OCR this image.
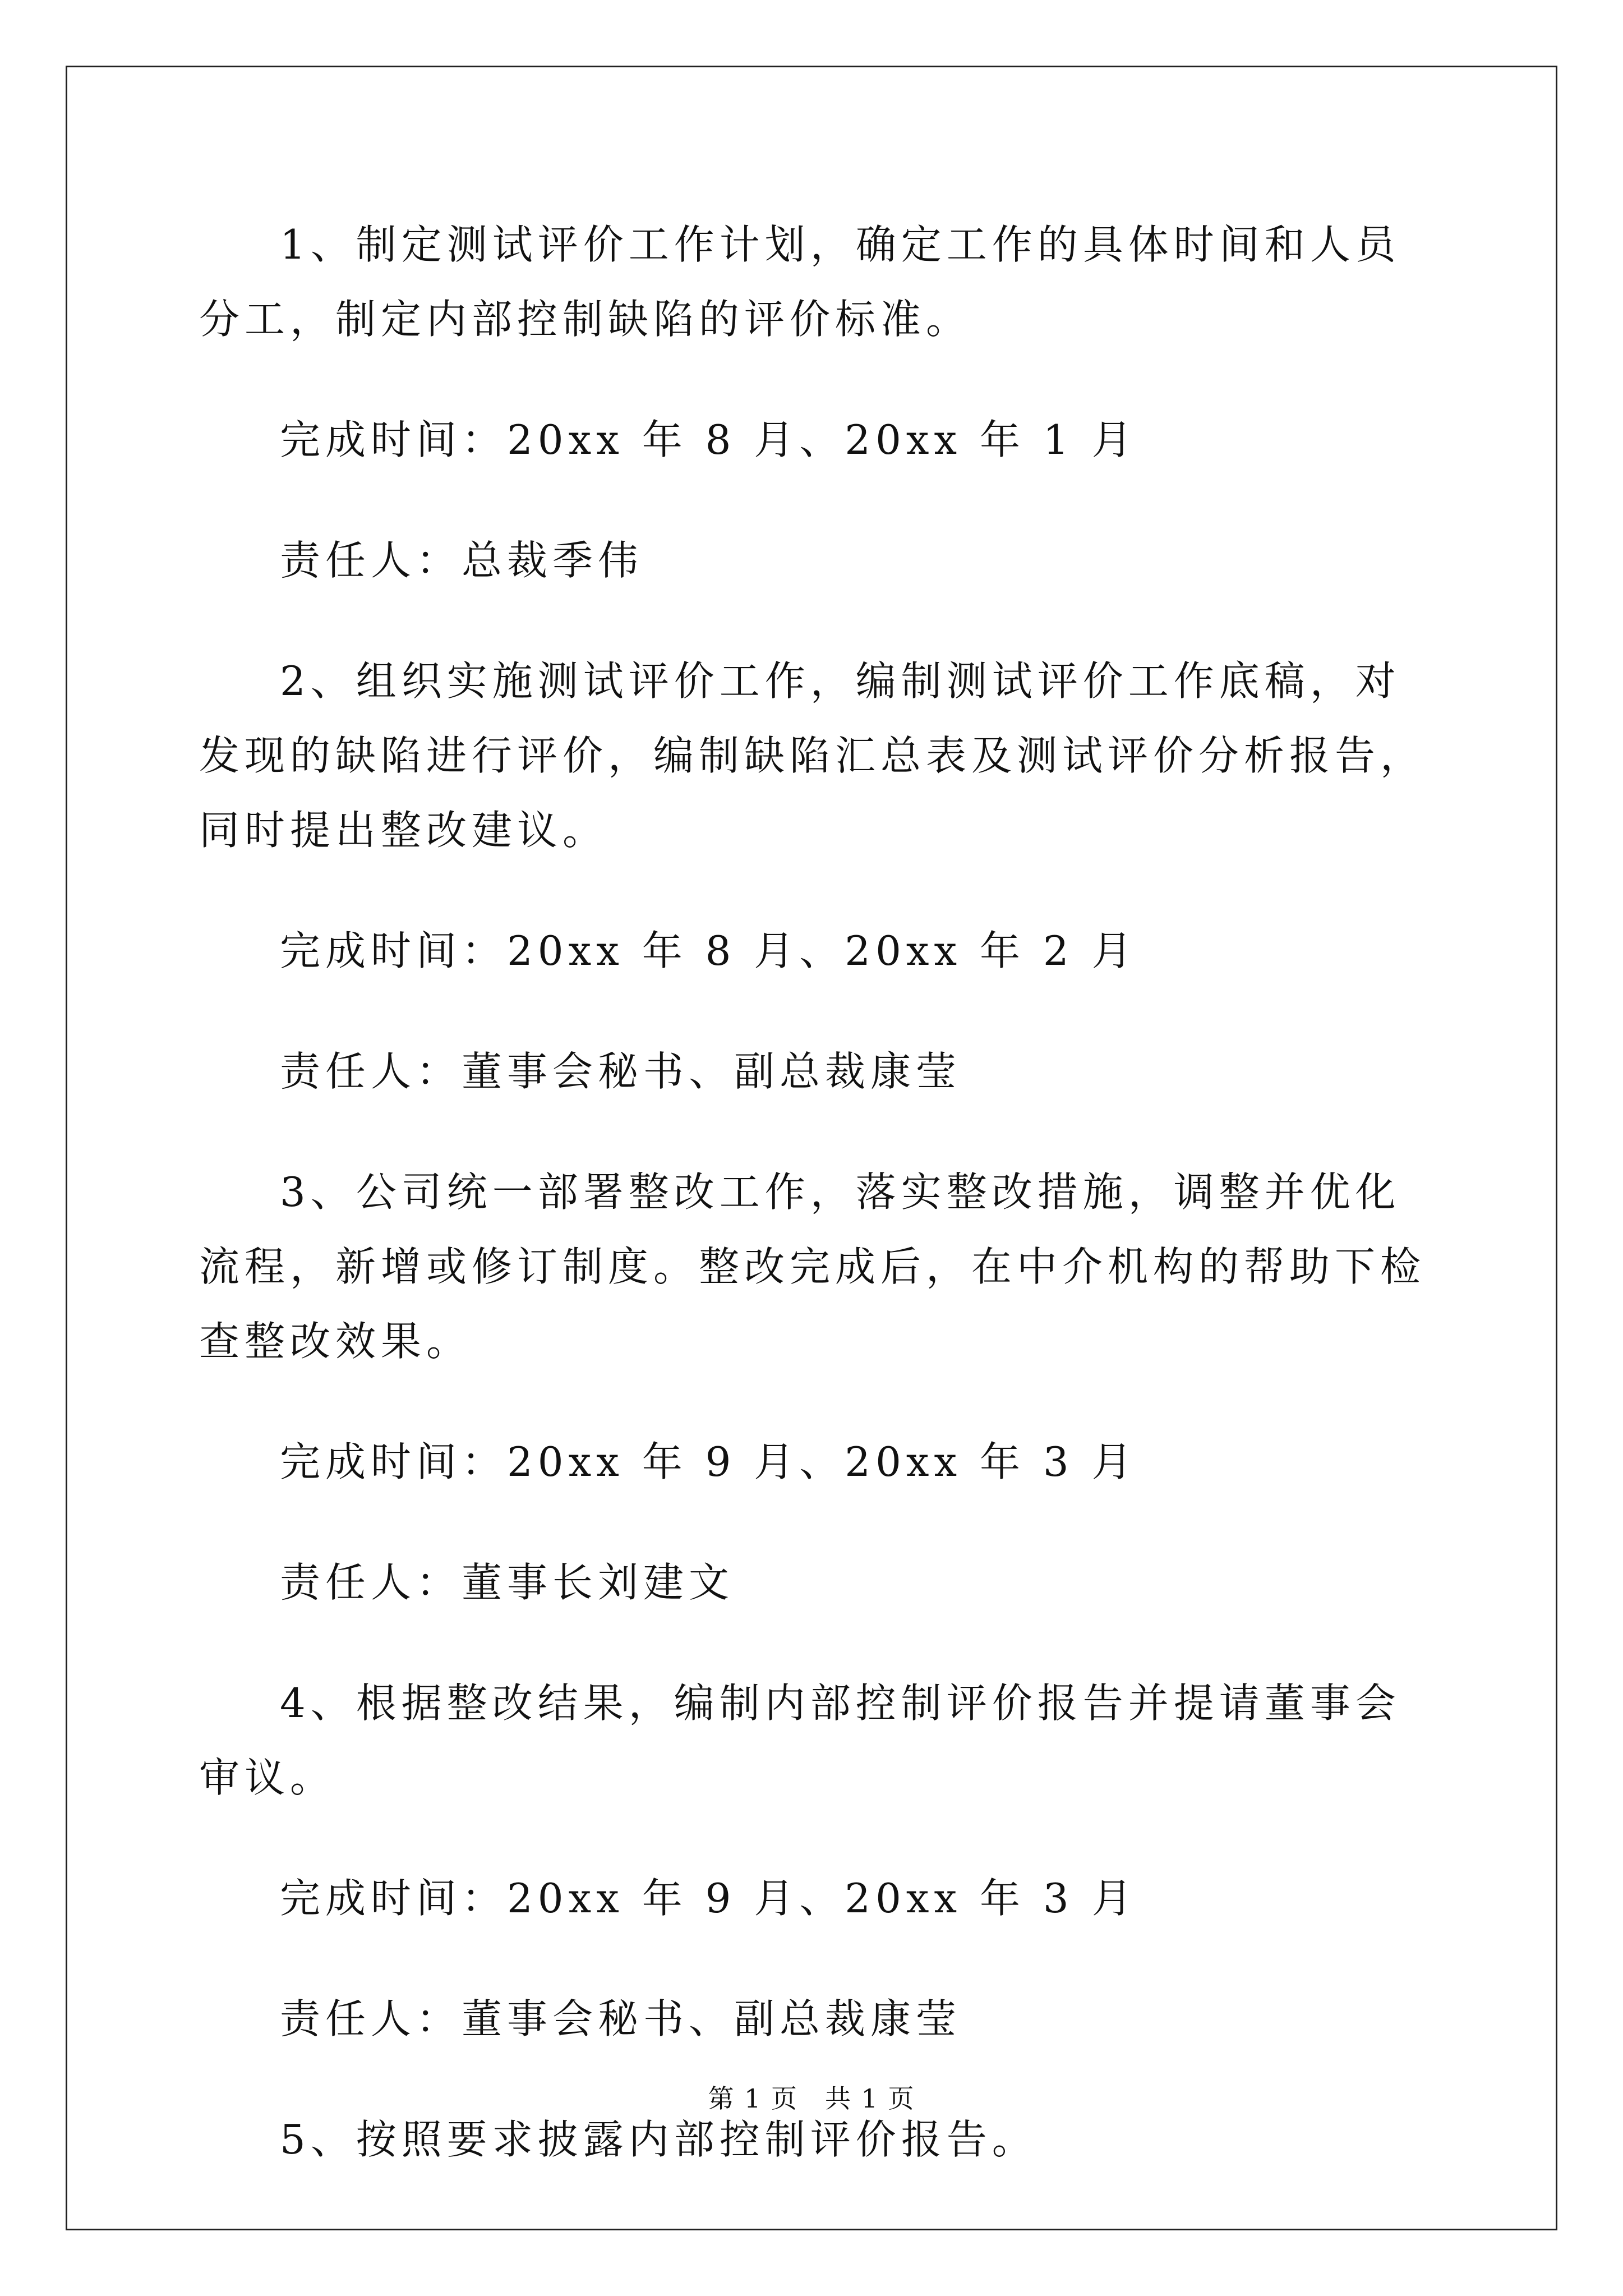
1、制定测试评价工作计划，确定工作的具体时间和人员分工，制定内部控制缺陷的评价标准。

完成时间：20xx 年 8 月、20xx 年 1 月

责任人：总裁季伟

2、组织实施测试评价工作，编制测试评价工作底稿，对发现的缺陷进行评价，编制缺陷汇总表及测试评价分析报告，同时提出整改建议。

完成时间：20xx 年 8 月、20xx 年 2 月

责任人：董事会秘书、副总裁康莹

3、公司统一部署整改工作，落实整改措施，调整并优化流程，新增或修订制度。整改完成后，在中介机构的帮助下检查整改效果。

完成时间：20xx 年 9 月、20xx 年 3 月

责任人：董事长刘建文

4、根据整改结果，编制内部控制评价报告并提请董事会审议。

完成时间：20xx 年 9 月、20xx 年 3 月

责任人：董事会秘书、副总裁康莹

5、按照要求披露内部控制评价报告。

第 1 页　共 1 页
